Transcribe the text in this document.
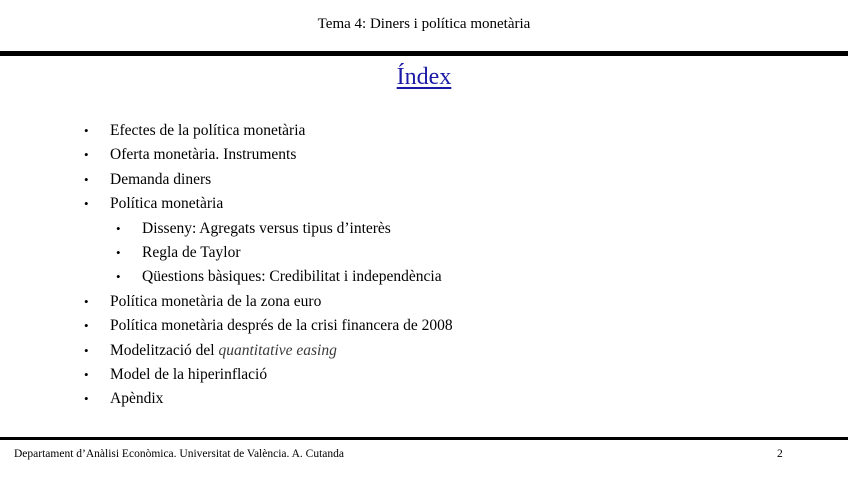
Tema 4: Diners i política monetària
Índex
• Efectes de la política monetària
• Oferta monetària. Instruments
• Demanda diners
• Política monetària
• Disseny: Agregats versus tipus d’interès
• Regla de Taylor
• Qüestions bàsiques: Credibilitat i independència
• Política monetària de la zona euro
• Política monetària després de la crisi financera de 2008
• Modelització del quantitative easing
• Model de la hiperinflació
• Apèndix
Departament d’Anàlisi Econòmica. Universitat de València. A. Cutanda	2
